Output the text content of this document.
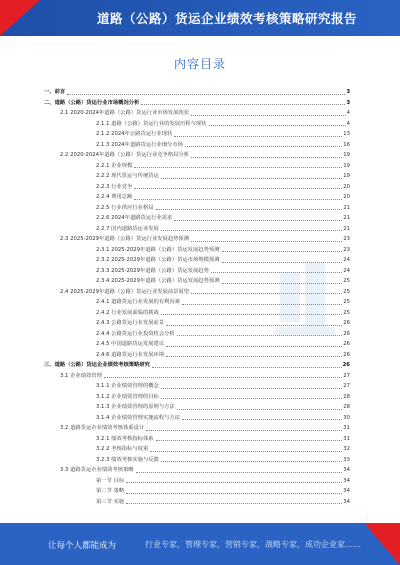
道路（公路）货运企业绩效考核策略研究报告
内容目录
一、前言	3
二、道路（公路）货运行业市场概况分析	3
2.1 2020-2024年道路（公路）货运行业市场发展现状	4
2.1.1 道路（公路）货运行业的发展历程与现状	4
2.1.2 2024年公路货运行业现状	13
2.1.3 2024年道路货运行业细分市场	16
2.2 2020-2024年道路（公路）货运行业竞争格局分析	19
2.2.1 企业规模	19
2.2.2 现代货运与传统货运	19
2.2.3 行业竞争	20
2.2.4 费用总额	20
2.2.5 行业供应行业格局	21
2.2.6 2024年道路货运行业需求	21
2.2.7 国内道路货运业发展	21
2.3 2025-2029年道路（公路）货运行业发展趋势预测	23
2.3.1 2025-2029年道路（公路）货运发展趋势预测	23
2.3.2 2025-2029年道路（公路）货运市场规模预测	24
2.3.3 2025-2029年道路（公路）货运发展趋势	24
2.3.4 2025-2029年道路（公路）货运发展趋势预测	25
2.4 2025-2029年道路（公路）货运行业发展前景展望	25
2.4.1 道路货运行业发展的有利因素	25
2.4.2 行业发展面临的挑战	25
2.4.3 公路货运行业发展前景	26
2.4.4 公路货运行业投资机会分析	26
2.4.5 中国道路货运发展建议	26
2.4.6 道路货运行业发展环境	26
三、道路（公路）货运企业绩效考核策略研究	26
3.1 企业绩效管理	27
3.1.1 企业绩效管理的概念	27
3.1.2 企业绩效管理的目标	28
3.1.3 企业绩效管理的原则与方法	28
3.1.4 企业绩效管理实施流程与方法	30
3.2 道路货运企业绩效考核体系设计	31
3.2.1 绩效考核指标体系	31
3.2.2 考核指标与权重	32
3.2.3 绩效考核实施与反馈	33
3.3 道路货运企业绩效考核策略	34
第一节 目标	34
第二节 策略	34
第三节 实施	34
让每个人都能成为	行业专家，管理专家，营销专家，战略专家，成功企业家……
